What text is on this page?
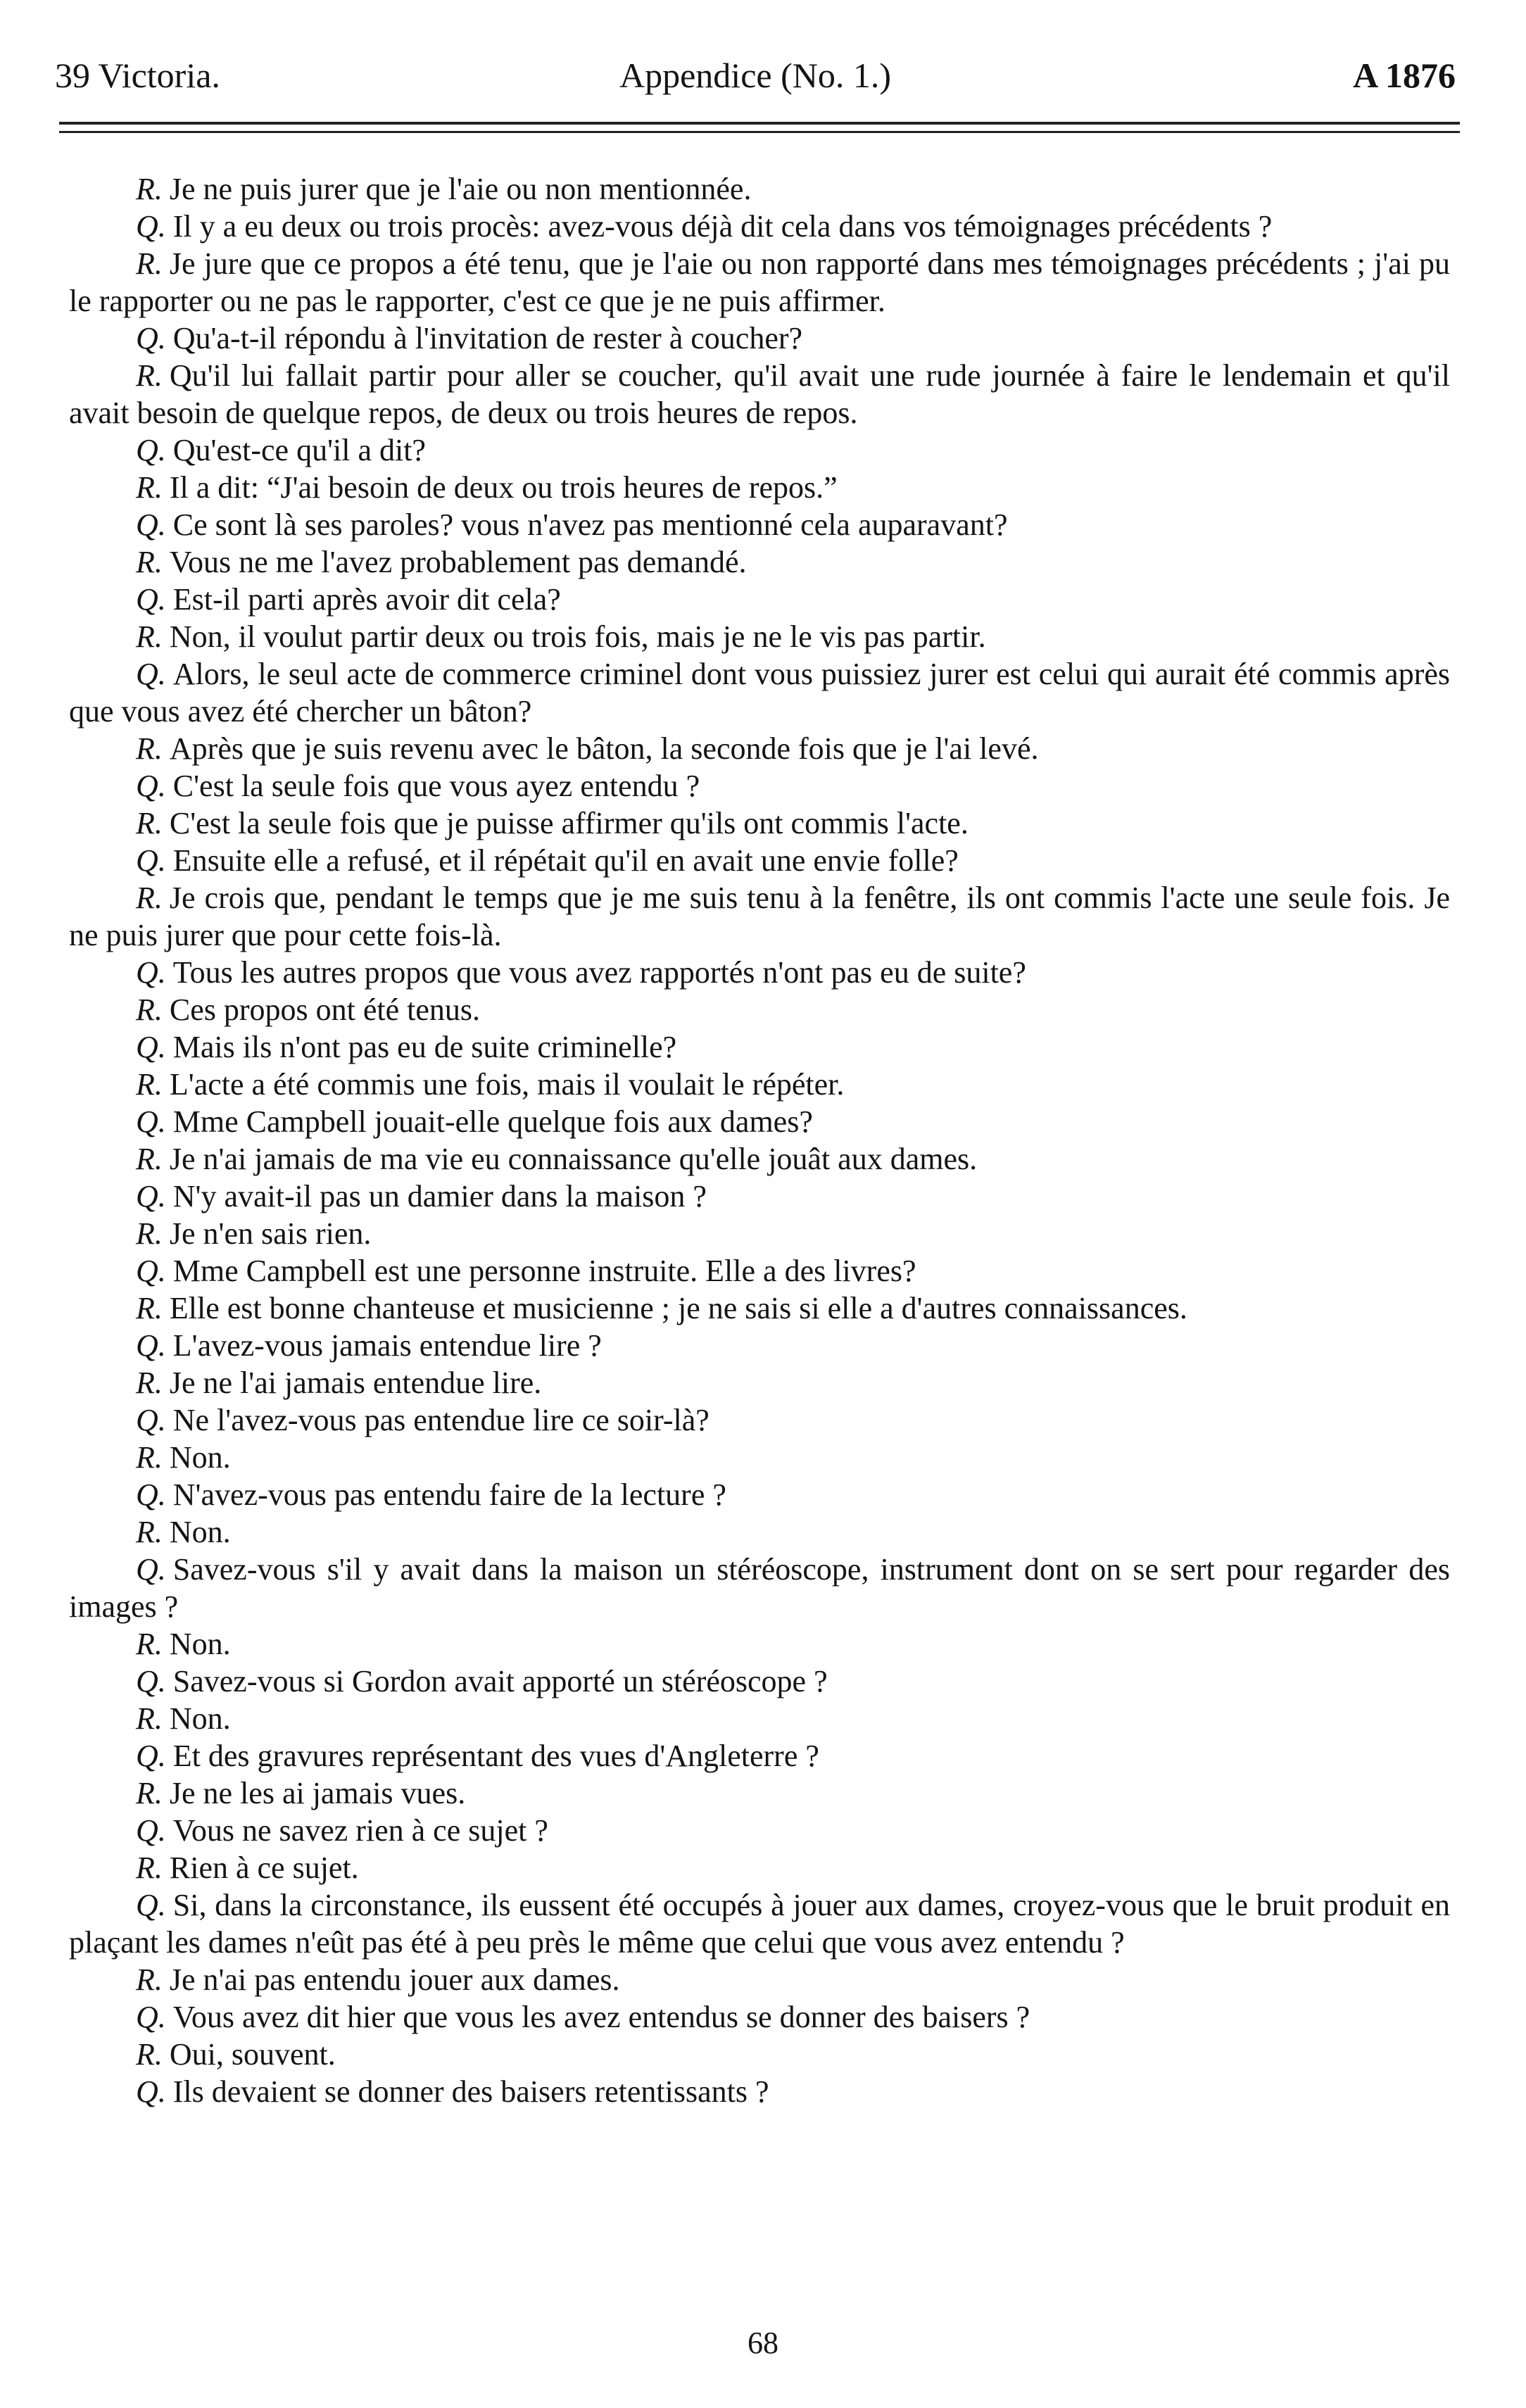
39 Victoria.	Appendice (No. 1.)	A 1876

R. Je ne puis jurer que je l'aie ou non mentionnée.

Q. Il y a eu deux ou trois procès: avez-vous déjà dit cela dans vos témoignages précédents ?

R. Je jure que ce propos a été tenu, que je l'aie ou non rapporté dans mes témoignages précédents ; j'ai pu le rapporter ou ne pas le rapporter, c'est ce que je ne puis affirmer.

Q. Qu'a-t-il répondu à l'invitation de rester à coucher?

R. Qu'il lui fallait partir pour aller se coucher, qu'il avait une rude journée à faire le lendemain et qu'il avait besoin de quelque repos, de deux ou trois heures de repos.

Q. Qu'est-ce qu'il a dit?

R. Il a dit: “J'ai besoin de deux ou trois heures de repos.”

Q. Ce sont là ses paroles? vous n'avez pas mentionné cela auparavant?

R. Vous ne me l'avez probablement pas demandé.

Q. Est-il parti après avoir dit cela?

R. Non, il voulut partir deux ou trois fois, mais je ne le vis pas partir.

Q. Alors, le seul acte de commerce criminel dont vous puissiez jurer est celui qui aurait été commis après que vous avez été chercher un bâton?

R. Après que je suis revenu avec le bâton, la seconde fois que je l'ai levé.

Q. C'est la seule fois que vous ayez entendu ?

R. C'est la seule fois que je puisse affirmer qu'ils ont commis l'acte.

Q. Ensuite elle a refusé, et il répétait qu'il en avait une envie folle?

R. Je crois que, pendant le temps que je me suis tenu à la fenêtre, ils ont commis l'acte une seule fois. Je ne puis jurer que pour cette fois-là.

Q. Tous les autres propos que vous avez rapportés n'ont pas eu de suite?

R. Ces propos ont été tenus.

Q. Mais ils n'ont pas eu de suite criminelle?

R. L'acte a été commis une fois, mais il voulait le répéter.

Q. Mme Campbell jouait-elle quelque fois aux dames?

R. Je n'ai jamais de ma vie eu connaissance qu'elle jouât aux dames.

Q. N'y avait-il pas un damier dans la maison ?

R. Je n'en sais rien.

Q. Mme Campbell est une personne instruite. Elle a des livres?

R. Elle est bonne chanteuse et musicienne ; je ne sais si elle a d'autres connaissances.

Q. L'avez-vous jamais entendue lire ?

R. Je ne l'ai jamais entendue lire.

Q. Ne l'avez-vous pas entendue lire ce soir-là?

R. Non.

Q. N'avez-vous pas entendu faire de la lecture ?

R. Non.

Q. Savez-vous s'il y avait dans la maison un stéréoscope, instrument dont on se sert pour regarder des images ?

R. Non.

Q. Savez-vous si Gordon avait apporté un stéréoscope ?

R. Non.

Q. Et des gravures représentant des vues d'Angleterre ?

R. Je ne les ai jamais vues.

Q. Vous ne savez rien à ce sujet ?

R. Rien à ce sujet.

Q. Si, dans la circonstance, ils eussent été occupés à jouer aux dames, croyez-vous que le bruit produit en plaçant les dames n'eût pas été à peu près le même que celui que vous avez entendu ?

R. Je n'ai pas entendu jouer aux dames.

Q. Vous avez dit hier que vous les avez entendus se donner des baisers ?

R. Oui, souvent.

Q. Ils devaient se donner des baisers retentissants ?

68
